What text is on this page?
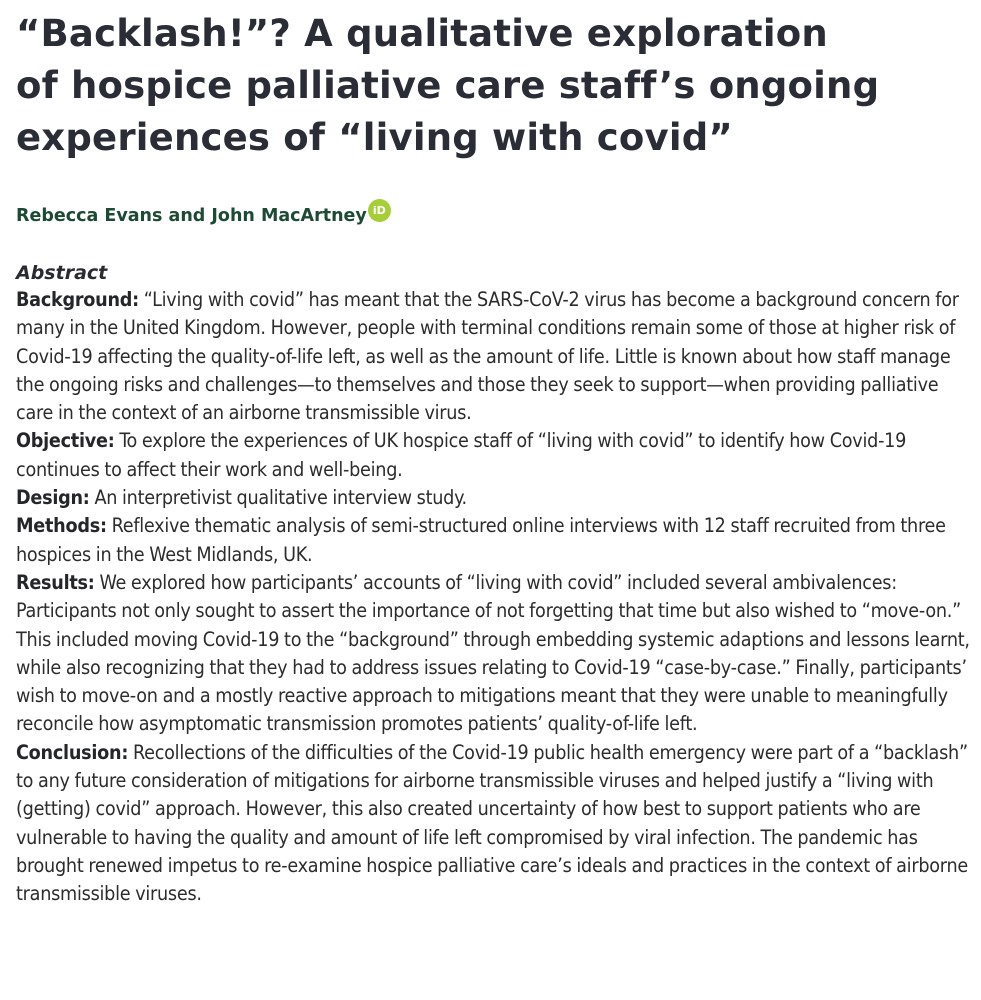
“Backlash!”? A qualitative exploration
of hospice palliative care staff’s ongoing
experiences of “living with covid”
Rebecca Evans and John MacArtney iD
Abstract

Background: “Living with covid” has meant that the SARS-CoV-2 virus has become a background concern for many in the United Kingdom. However, people with terminal conditions remain some of those at higher risk of Covid-19 affecting the quality-of-life left, as well as the amount of life. Little is known about how staff manage the ongoing risks and challenges—to themselves and those they seek to support—when providing palliative care in the context of an airborne transmissible virus.

Objective: To explore the experiences of UK hospice staff of “living with covid” to identify how Covid-19 continues to affect their work and well-being.

Design: An interpretivist qualitative interview study.

Methods: Reflexive thematic analysis of semi-structured online interviews with 12 staff recruited from three hospices in the West Midlands, UK.

Results: We explored how participants’ accounts of “living with covid” included several ambivalences: Participants not only sought to assert the importance of not forgetting that time but also wished to “move-on.” This included moving Covid-19 to the “background” through embedding systemic adaptions and lessons learnt, while also recognizing that they had to address issues relating to Covid-19 “case-by-case.” Finally, participants’ wish to move-on and a mostly reactive approach to mitigations meant that they were unable to meaningfully reconcile how asymptomatic transmission promotes patients’ quality-of-life left.

Conclusion: Recollections of the difficulties of the Covid-19 public health emergency were part of a “backlash” to any future consideration of mitigations for airborne transmissible viruses and helped justify a “living with (getting) covid” approach. However, this also created uncertainty of how best to support patients who are vulnerable to having the quality and amount of life left compromised by viral infection. The pandemic has brought renewed impetus to re-examine hospice palliative care’s ideals and practices in the context of airborne transmissible viruses.
